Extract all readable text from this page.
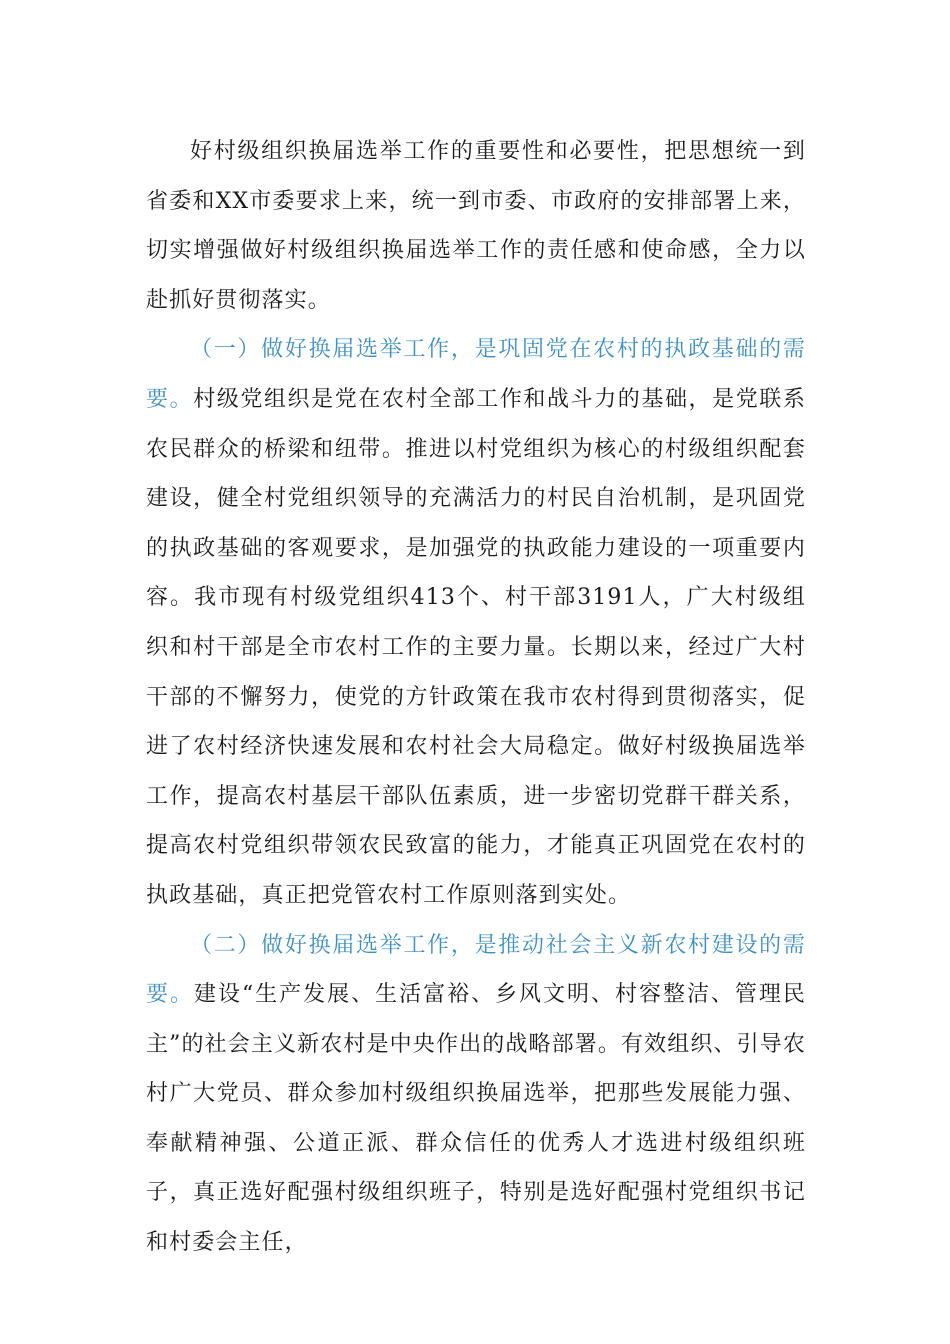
好村级组织换届选举工作的重要性和必要性，把思想统一到省委和XX市委要求上来，统一到市委、市政府的安排部署上来，切实增强做好村级组织换届选举工作的责任感和使命感，全力以赴抓好贯彻落实。

（一）做好换届选举工作，是巩固党在农村的执政基础的需要。村级党组织是党在农村全部工作和战斗力的基础，是党联系农民群众的桥梁和纽带。推进以村党组织为核心的村级组织配套建设，健全村党组织领导的充满活力的村民自治机制，是巩固党的执政基础的客观要求，是加强党的执政能力建设的一项重要内容。我市现有村级党组织413个、村干部3191人，广大村级组织和村干部是全市农村工作的主要力量。长期以来，经过广大村干部的不懈努力，使党的方针政策在我市农村得到贯彻落实，促进了农村经济快速发展和农村社会大局稳定。做好村级换届选举工作，提高农村基层干部队伍素质，进一步密切党群干群关系，提高农村党组织带领农民致富的能力，才能真正巩固党在农村的执政基础，真正把党管农村工作原则落到实处。

（二）做好换届选举工作，是推动社会主义新农村建设的需要。建设“生产发展、生活富裕、乡风文明、村容整洁、管理民主”的社会主义新农村是中央作出的战略部署。有效组织、引导农村广大党员、群众参加村级组织换届选举，把那些发展能力强、奉献精神强、公道正派、群众信任的优秀人才选进村级组织班子，真正选好配强村级组织班子，特别是选好配强村党组织书记和村委会主任，
